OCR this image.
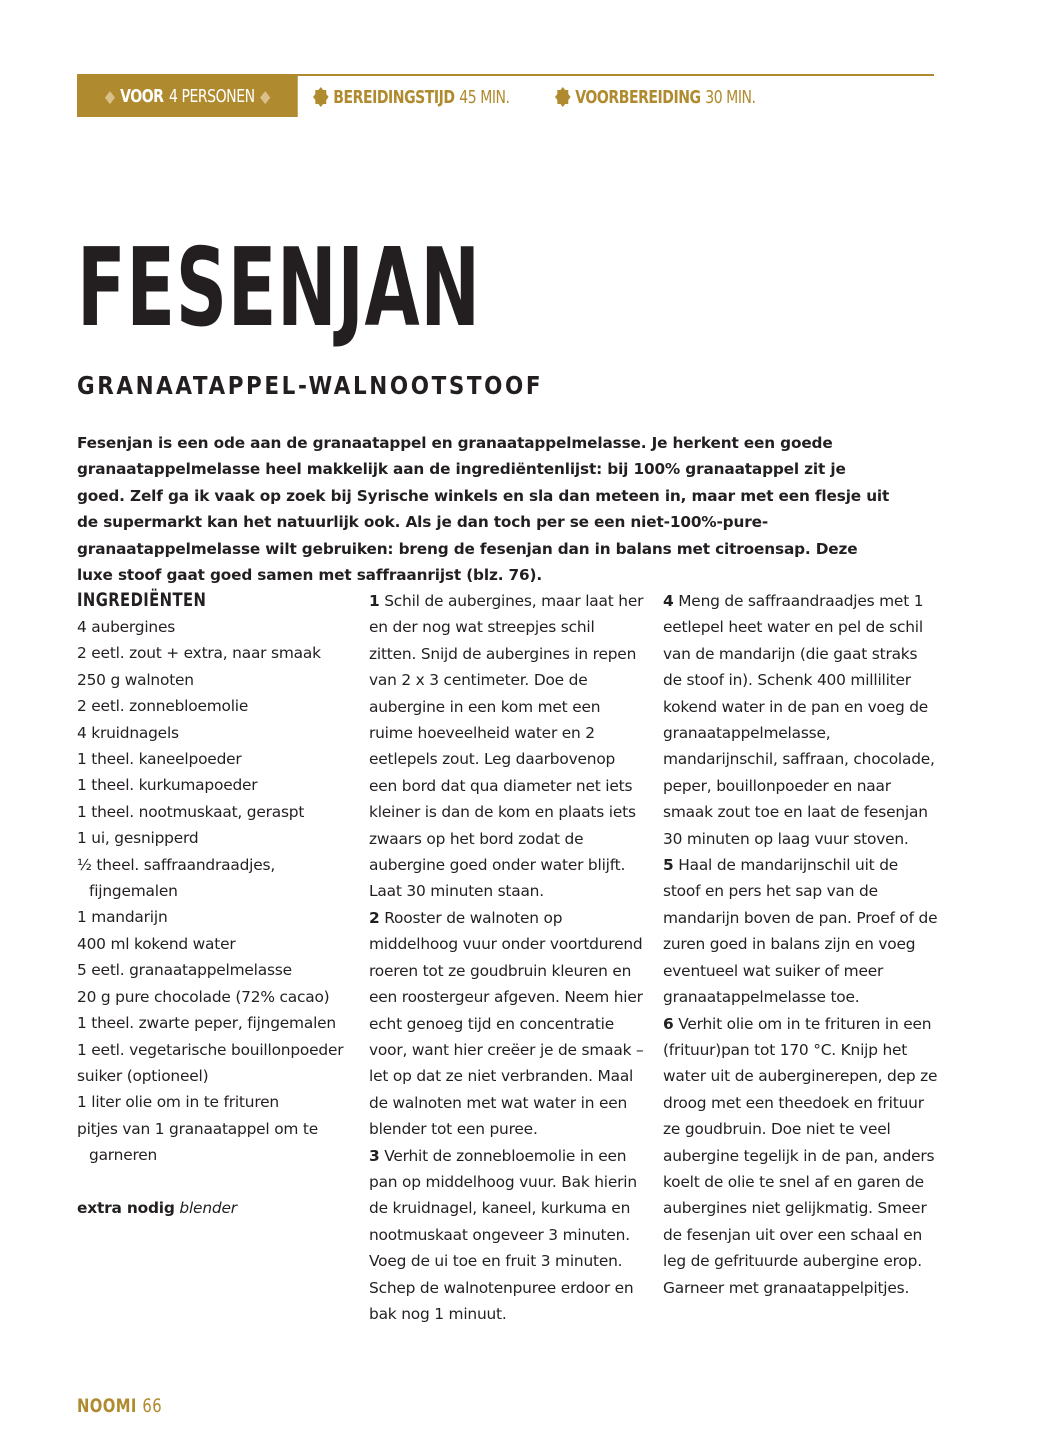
◆ VOOR 4 PERSONEN ◆	BEREIDINGSTIJD 45 MIN.	VOORBEREIDING 30 MIN.
FESENJAN
GRANAATAPPEL-WALNOOTSTOOF

Fesenjan is een ode aan de granaatappel en granaatappelmelasse. Je herkent een goede granaatappelmelasse heel makkelijk aan de ingrediëntenlijst: bij 100% granaatappel zit je goed. Zelf ga ik vaak op zoek bij Syrische winkels en sla dan meteen in, maar met een flesje uit de supermarkt kan het natuurlijk ook. Als je dan toch per se een niet-100%-pure-granaatappelmelasse wilt gebruiken: breng de fesenjan dan in balans met citroensap. Deze luxe stoof gaat goed samen met saffraanrijst (blz. 76).

INGREDIËNTEN
4 aubergines
2 eetl. zout + extra, naar smaak
250 g walnoten
2 eetl. zonnebloemolie
4 kruidnagels
1 theel. kaneelpoeder
1 theel. kurkumapoeder
1 theel. nootmuskaat, geraspt
1 ui, gesnipperd
½ theel. saffraandraadjes, fijngemalen
1 mandarijn
400 ml kokend water
5 eetl. granaatappelmelasse
20 g pure chocolade (72% cacao)
1 theel. zwarte peper, fijngemalen
1 eetl. vegetarische bouillonpoeder
suiker (optioneel)
1 liter olie om in te frituren
pitjes van 1 granaatappel om te garneren

extra nodig blender

1 Schil de aubergines, maar laat her en der nog wat streepjes schil zitten. Snijd de aubergines in repen van 2 x 3 centimeter. Doe de aubergine in een kom met een ruime hoeveelheid water en 2 eetlepels zout. Leg daarbovenop een bord dat qua diameter net iets kleiner is dan de kom en plaats iets zwaars op het bord zodat de aubergine goed onder water blijft. Laat 30 minuten staan.

2 Rooster de walnoten op middelhoog vuur onder voortdurend roeren tot ze goudbruin kleuren en een roostergeur afgeven. Neem hier echt genoeg tijd en concentratie voor, want hier creëer je de smaak – let op dat ze niet verbranden. Maal de walnoten met wat water in een blender tot een puree.

3 Verhit de zonnebloemolie in een pan op middelhoog vuur. Bak hierin de kruidnagel, kaneel, kurkuma en nootmuskaat ongeveer 3 minuten. Voeg de ui toe en fruit 3 minuten. Schep de walnotenpuree erdoor en bak nog 1 minuut.

4 Meng de saffraandraadjes met 1 eetlepel heet water en pel de schil van de mandarijn (die gaat straks de stoof in). Schenk 400 milliliter kokend water in de pan en voeg de granaatappelmelasse, mandarijnschil, saffraan, chocolade, peper, bouillonpoeder en naar smaak zout toe en laat de fesenjan 30 minuten op laag vuur stoven.

5 Haal de mandarijnschil uit de stoof en pers het sap van de mandarijn boven de pan. Proef of de zuren goed in balans zijn en voeg eventueel wat suiker of meer granaatappelmelasse toe.

6 Verhit olie om in te frituren in een (frituur)pan tot 170 °C. Knijp het water uit de auberginerepen, dep ze droog met een theedoek en frituur ze goudbruin. Doe niet te veel aubergine tegelijk in de pan, anders koelt de olie te snel af en garen de aubergines niet gelijkmatig. Smeer de fesenjan uit over een schaal en leg de gefrituurde aubergine erop. Garneer met granaatappelpitjes.

NOOMI 66
